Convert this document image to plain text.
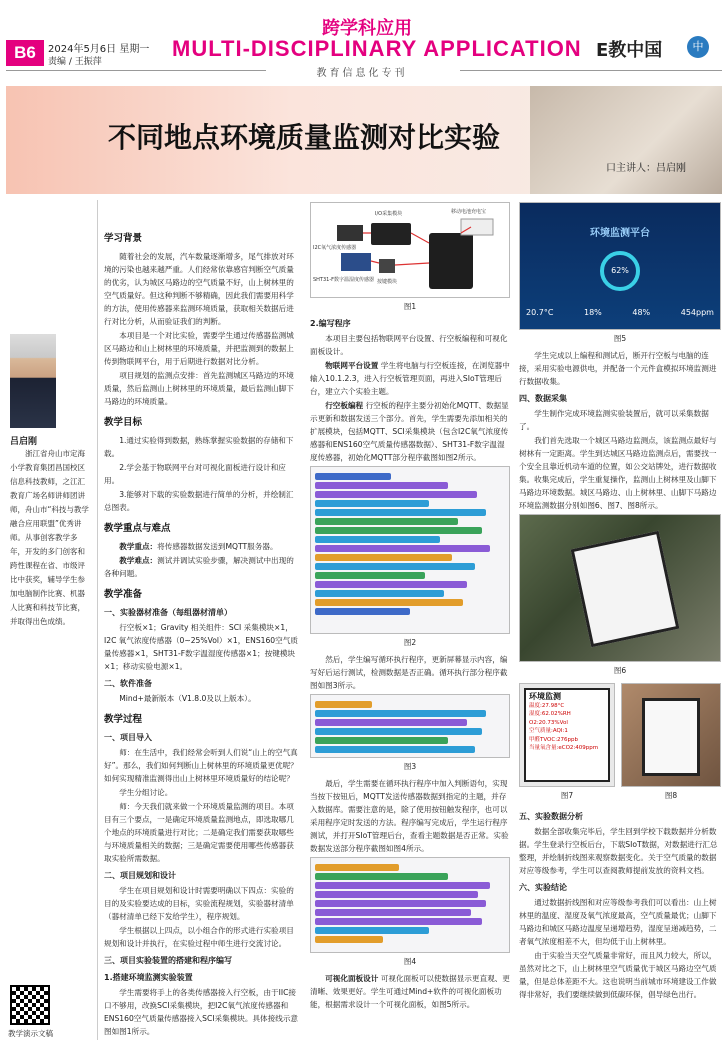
B6	2024年5月6日 星期一
责编 / 王振萍
跨学科应用
MULTI-DISCIPLINARY APPLICATION E教中国	中
教育信息化专刊
不同地点环境质量监测对比实验
口主讲人：吕启刚
吕启刚
浙江省舟山市定海小学教育集团昌国校区信息科技教师，之江汇教育广场名师讲师团讲师，舟山市“科技与教学融合应用联盟”优秀讲师。从事创客教学多年，开发的多门创客和跨性课程在省、市级评比中获奖，辅导学生参加电脑制作比赛、机器人比赛和科技节比赛，并取得出色成绩。
教学演示文稿
学习背景

随着社会的发展，汽车数量逐渐增多，尾气排放对环境的污染也越来越严重。人们经常依靠感官判断空气质量的优劣，认为城区马路边的空气质量不好，山上树林里的空气质量好。但这种判断不够精确，因此我们需要用科学的方法，使用传感器来监测环境质量，获取相关数据后进行对比分析，从而验证我们的判断。

本项目是一个对比实验，需要学生通过传感器监测城区马路边和山上树林里的环境质量，并把监测到的数据上传到物联网平台，用于后期进行数据对比分析。

项目规划的监测点安排：首先监测城区马路边的环境质量，然后监测山上树林里的环境质量，最后监测山脚下马路边的环境质量。

教学目标

1.通过实验得到数据，熟练掌握实验数据的存储和下载。

2.学会基于物联网平台对可视化面板进行设计和应用。

3.能够对下载的实验数据进行简单的分析，并绘制汇总图表。

教学重点与难点

教学重点：将传感器数据发送到MQTT服务器。

教学难点：测试并调试实验步骤，解决测试中出现的各种问题。

教学准备
一、实验器材准备（每组器材清单）

行空板×1；Gravity 相关组件：SCI 采集模块×1，I2C 氧气浓度传感器（0~25%Vol）×1，ENS160空气质量传感器×1，SHT31-F数字温湿度传感器×1；按键模块×1；移动实验电源×1。

二、软件准备

Mind+最新版本（V1.8.0及以上版本）。

教学过程
一、项目导入

师：在生活中，我们经常会听到人们说“山上的空气真好”。那么，我们如何判断山上树林里的环境质量更优呢？如何实现精准监测得出山上树林里环境质量好的结论呢？

学生分组讨论。

师：今天我们就来做一个环境质量监测的项目。本项目有三个要点，一是确定环境质量监测地点，即选取哪几个地点的环境质量进行对比；二是确定我们需要获取哪些与环境质量相关的数据；三是确定需要使用哪些传感器获取实验所需数据。

二、项目规划和设计

学生在项目规划和设计时需要明确以下四点：实验的目的及实验要达成的目标，实验流程规划，实验器材清单（器材清单已经下发给学生），程序规划。

学生根据以上四点，以小组合作的形式进行实验项目规划和设计并执行，在实验过程中师生进行交流讨论。

三、项目实验装置的搭建和程序编写
1.搭建环境监测实验装置

学生需要将手上的各类传感器接入行空板，由于IIC接口不够用，改换SCI采集模块，把I2C氧气浓度传感器和ENS160空气质量传感器接入SCI采集模块。具体接线示意图如图1所示。

I/O采集模块
I2C氧气浓度传感器
SHT31-F数字温湿度传感器 按键模块
移动电池充电宝
图1
2.编写程序

本项目主要包括物联网平台设置、行空板编程和可视化面板设计。

物联网平台设置 学生将电脑与行空板连接，在浏览器中输入10.1.2.3，进入行空板管理页面，再进入SIoT管理后台，建立六个实验主题。

行空板编程 行空板的程序主要分初始化MQTT、数据显示更新和数据发送三个部分。首先，学生需要先添加相关的扩展模块，包括MQTT、SCI采集模块（包含I2C氧气浓度传感器和ENS160空气质量传感器数据）、SHT31-F数字温湿度传感器，初始化MQTT部分程序截图如图2所示。

图2

然后，学生编写循环执行程序，更新屏幕显示内容，编写好后运行测试，检测数据是否正确。循环执行部分程序截图如图3所示。

图3

最后，学生需要在循环执行程序中加入判断语句，实现当按下按钮后，MQTT发送传感器数据到指定的主题，并存入数据库。需要注意的是，除了使用按钮触发程序，也可以采用程序定时发送的方法。程序编写完成后，学生运行程序测试，并打开SIoT管理后台，查看主题数据是否正常。实验数据发送部分程序截图如图4所示。

图4

可视化面板设计 可视化面板可以使数据显示更直观、更清晰、效果更好。学生可通过Mind+软件的可视化面板功能，根据需求设计一个可视化面板，如图5所示。

环境监测平台
62%
20.7°C	18%	48%	454ppm
图5

学生完成以上编程和测试后，断开行空板与电脑的连接，采用实验电源供电，并配备一个元件盒模拟环境监测进行数据收集。

四、数据采集

学生制作完成环境监测实验装置后，就可以采集数据了。

我们首先选取一个城区马路边监测点，该监测点最好与树林有一定距离。学生到达城区马路边监测点后，需要找一个安全且靠近机动车道的位置，如公交站牌处，进行数据收集。收集完成后，学生重复操作，监测山上树林里及山脚下马路边环境数据。城区马路边、山上树林里、山脚下马路边环境监测数据分别如图6、图7、图8所示。

图6
环境监测
温度:27.98°C
湿度:62.02%RH
O2:20.73%Vol
空气质量:AQI:1
甲醛TVOC:276ppb
当量氧含量:eCO2:409ppm
图7	图8
五、实验数据分析

数据全部收集完毕后，学生回到学校下载数据并分析数据。学生登录行空板后台，下载SIoT数据，对数据进行汇总整理，并绘制折线图来观察数据变化。关于空气质量的数据对应等级参考，学生可以查阅教师提前发放的资料文档。

六、实验结论

通过数据折线图和对应等级参考我们可以看出：山上树林里的温度、湿度及氧气浓度最高，空气质量最优；山脚下马路边和城区马路边温度呈递增趋势，湿度呈递减趋势，二者氧气浓度相差不大，但均低于山上树林里。

由于实验当天空气质量非常好，而且风力较大，所以，虽然对比之下，山上树林里空气质量优于城区马路边空气质量，但是总体差距不大。这也说明当前城市环境建设工作做得非常好，我们要继续做到低碳环保，倡导绿色出行。
